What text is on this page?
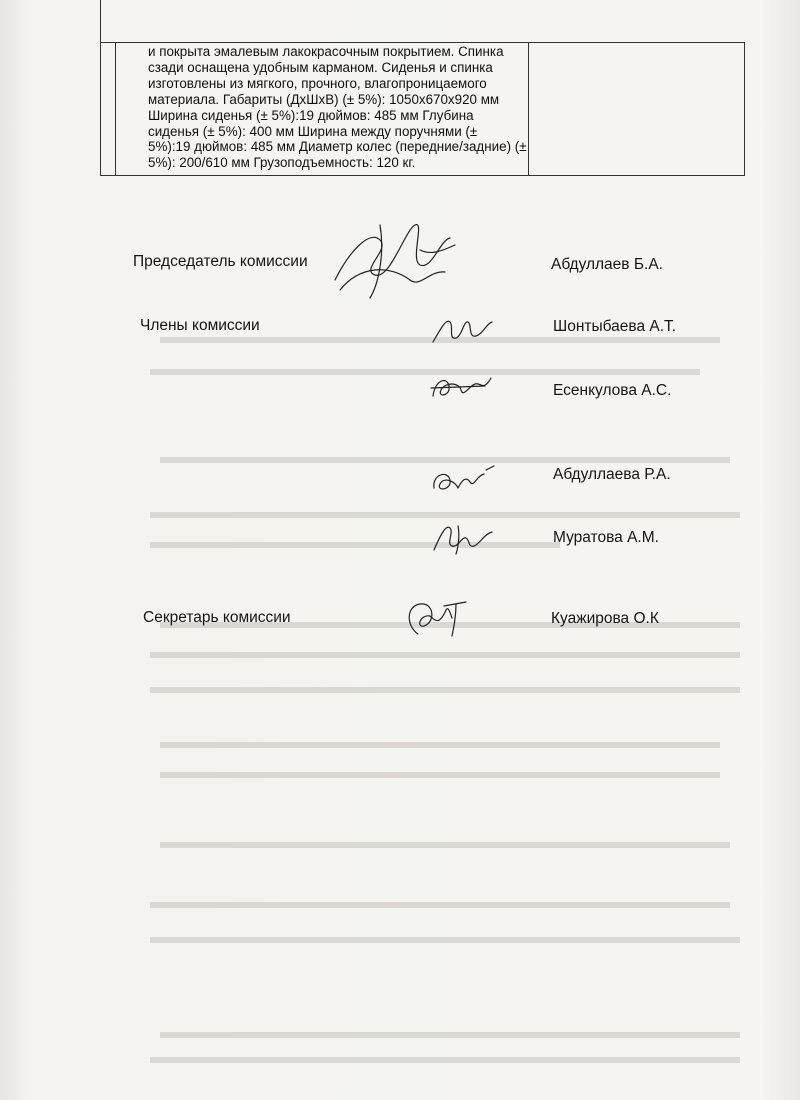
и покрыта эмалевым лакокрасочным покрытием. Спинка
сзади оснащена удобным карманом. Сиденья и спинка
изготовлены из мягкого, прочного, влагопроницаемого
материала. Габариты (ДхШхВ) (± 5%): 1050х670х920 мм
Ширина сиденья (± 5%):19 дюймов: 485 мм Глубина
сиденья (± 5%): 400 мм Ширина между поручнями (±
5%):19 дюймов: 485 мм Диаметр колес (передние/задние) (±
5%): 200/610 мм Грузоподъемность: 120 кг.
Председатель комиссии	Абдуллаев Б.А.
Члены комиссии	Шонтыбаева А.Т.
Есенкулова А.С.
Абдуллаева Р.А.
Муратова А.М.
Секретарь комиссии	Куажирова О.К
